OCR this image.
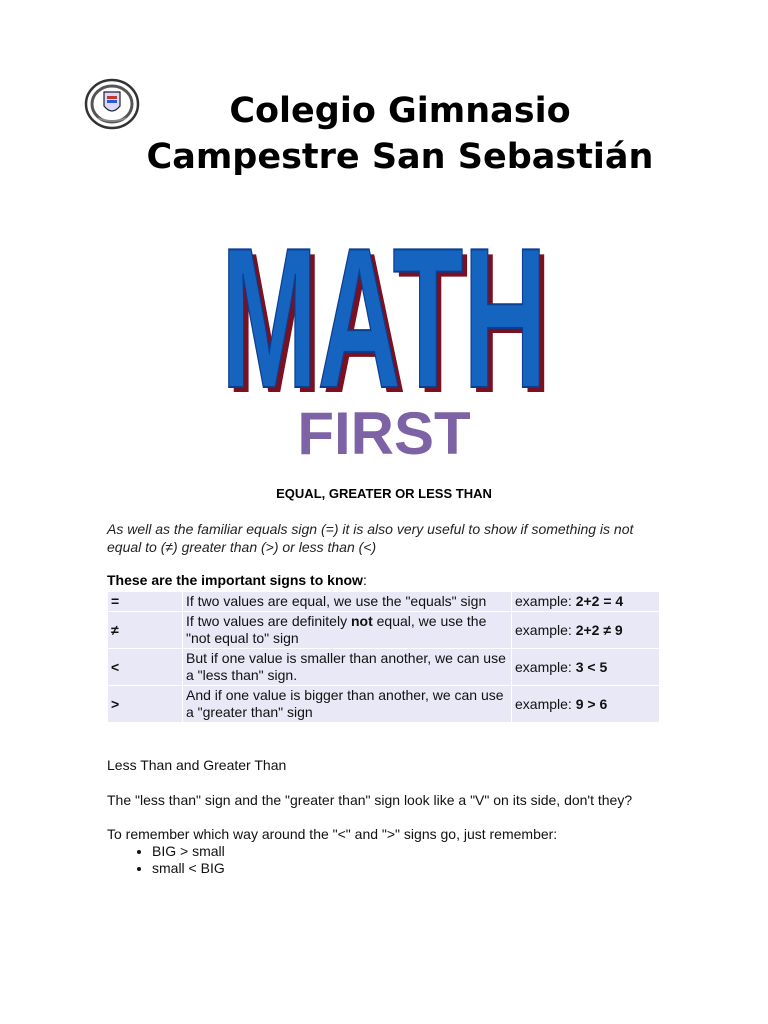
Colegio Gimnasio
Campestre San Sebastián
MATH
MATH
FIRST
EQUAL, GREATER OR LESS THAN

As well as the familiar equals sign (=) it is also very useful to show if something is not equal to (≠) greater than (>) or less than (<)

These are the important signs to know:

=	If two values are equal, we use the "equals" sign	example: 2+2 = 4
≠	If two values are definitely not equal, we use the "not equal to" sign	example: 2+2 ≠ 9
<	But if one value is smaller than another, we can use a "less than" sign.	example: 3 < 5
>	And if one value is bigger than another, we can use a "greater than" sign	example: 9 > 6

Less Than and Greater Than

The "less than" sign and the "greater than" sign look like a "V" on its side, don't they?

To remember which way around the "<" and ">" signs go, just remember:

• BIG > small
• small < BIG
